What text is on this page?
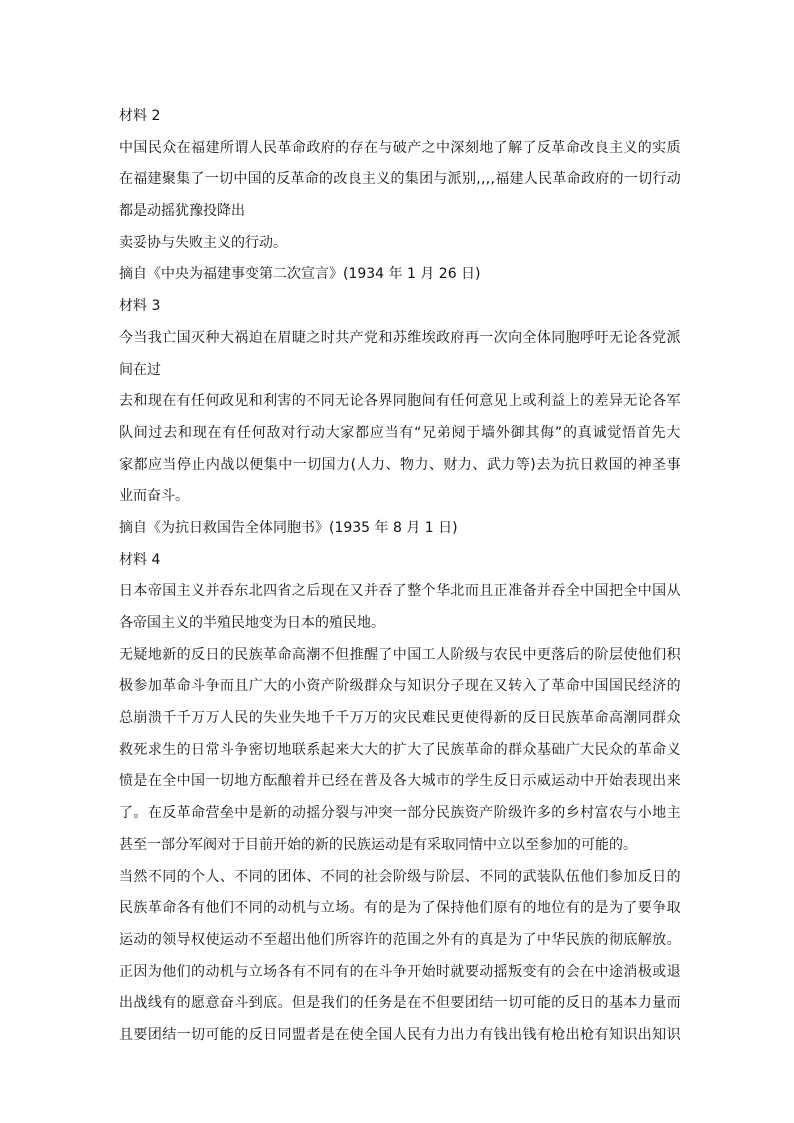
材料 2
中国民众在福建所谓人民革命政府的存在与破产之中深刻地了解了反革命改良主义的实质
在福建聚集了一切中国的反革命的改良主义的集团与派别,,,,福建人民革命政府的一切行动
都是动摇犹豫投降出
卖妥协与失败主义的行动。
摘自《中央为福建事变第二次宣言》(1934 年 1 月 26 日)
材料 3
今当我亡国灭种大祸迫在眉睫之时共产党和苏维埃政府再一次向全体同胞呼吁无论各党派
间在过
去和现在有任何政见和利害的不同无论各界同胞间有任何意见上或利益上的差异无论各军
队间过去和现在有任何敌对行动大家都应当有“兄弟阋于墙外御其侮”的真诚觉悟首先大
家都应当停止内战以便集中一切国力(人力、物力、财力、武力等)去为抗日救国的神圣事
业而奋斗。
摘自《为抗日救国告全体同胞书》(1935 年 8 月 1 日)
材料 4
日本帝国主义并吞东北四省之后现在又并吞了整个华北而且正准备并吞全中国把全中国从
各帝国主义的半殖民地变为日本的殖民地。
无疑地新的反日的民族革命高潮不但推醒了中国工人阶级与农民中更落后的阶层使他们积
极参加革命斗争而且广大的小资产阶级群众与知识分子现在又转入了革命中国国民经济的
总崩溃千千万万人民的失业失地千千万万的灾民难民更使得新的反日民族革命高潮同群众
救死求生的日常斗争密切地联系起来大大的扩大了民族革命的群众基础广大民众的革命义
愤是在全中国一切地方酝酿着并已经在普及各大城市的学生反日示威运动中开始表现出来
了。在反革命营垒中是新的动摇分裂与冲突一部分民族资产阶级许多的乡村富农与小地主
甚至一部分军阀对于目前开始的新的民族运动是有采取同情中立以至参加的可能的。
当然不同的个人、不同的团体、不同的社会阶级与阶层、不同的武装队伍他们参加反日的
民族革命各有他们不同的动机与立场。有的是为了保持他们原有的地位有的是为了要争取
运动的领导权使运动不至超出他们所容许的范围之外有的真是为了中华民族的彻底解放。
正因为他们的动机与立场各有不同有的在斗争开始时就要动摇叛变有的会在中途消极或退
出战线有的愿意奋斗到底。但是我们的任务是在不但要团结一切可能的反日的基本力量而
且要团结一切可能的反日同盟者是在使全国人民有力出力有钱出钱有枪出枪有知识出知识
